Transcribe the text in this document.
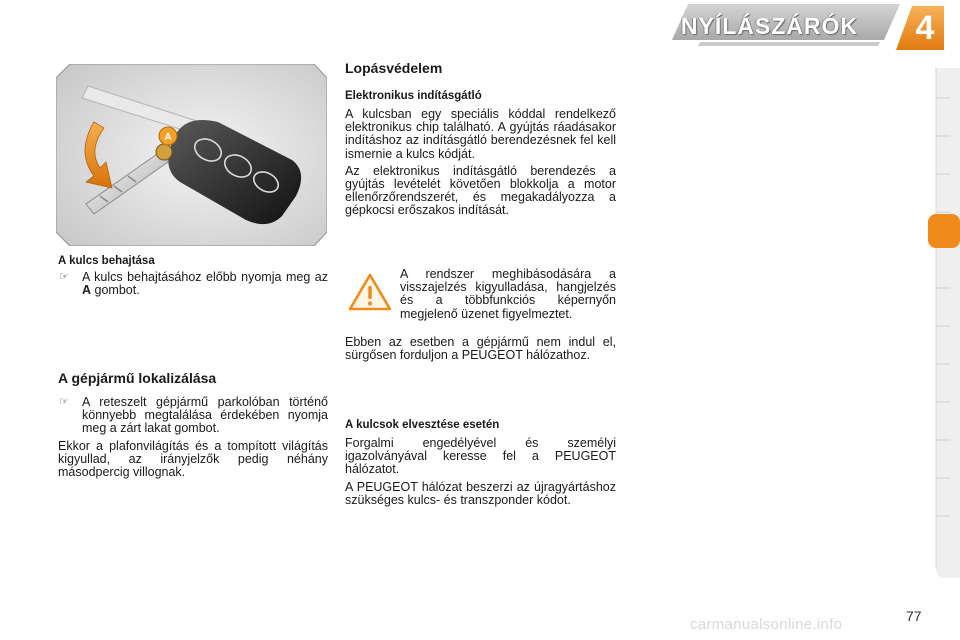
NYÍLÁSZÁRÓK	4
A
A kulcs behajtása
☞	A kulcs behajtásához előbb nyomja meg az A gombot.
A gépjármű lokalizálása
☞	A reteszelt gépjármű parkolóban történő könnyebb megtalálása érdekében nyomja meg a zárt lakat gombot.
Ekkor a plafonvilágítás és a tompított világítás kigyullad, az irányjelzők pedig néhány másodpercig villognak.
Lopásvédelem
Elektronikus indításgátló
A kulcsban egy speciális kóddal rendelkező elektronikus chip található. A gyújtás ráadásakor indításhoz az indításgátló berendezésnek fel kell ismernie a kulcs kódját.
Az elektronikus indításgátló berendezés a gyújtás levételét követően blokkolja a motor ellenőrzőrendszerét, és megakadályozza a gépkocsi erőszakos indítását.
A rendszer meghibásodására a visszajelzés kigyulladása, hangjelzés és a többfunkciós képernyőn megjelenő üzenet figyelmeztet.
Ebben az esetben a gépjármű nem indul el, sürgősen forduljon a PEUGEOT hálózathoz.
A kulcsok elvesztése esetén
Forgalmi engedélyével és személyi igazolványával keresse fel a PEUGEOT hálózatot.
A PEUGEOT hálózat beszerzi az újragyártáshoz szükséges kulcs- és transzponder kódot.
carmanualsonline.info	77
